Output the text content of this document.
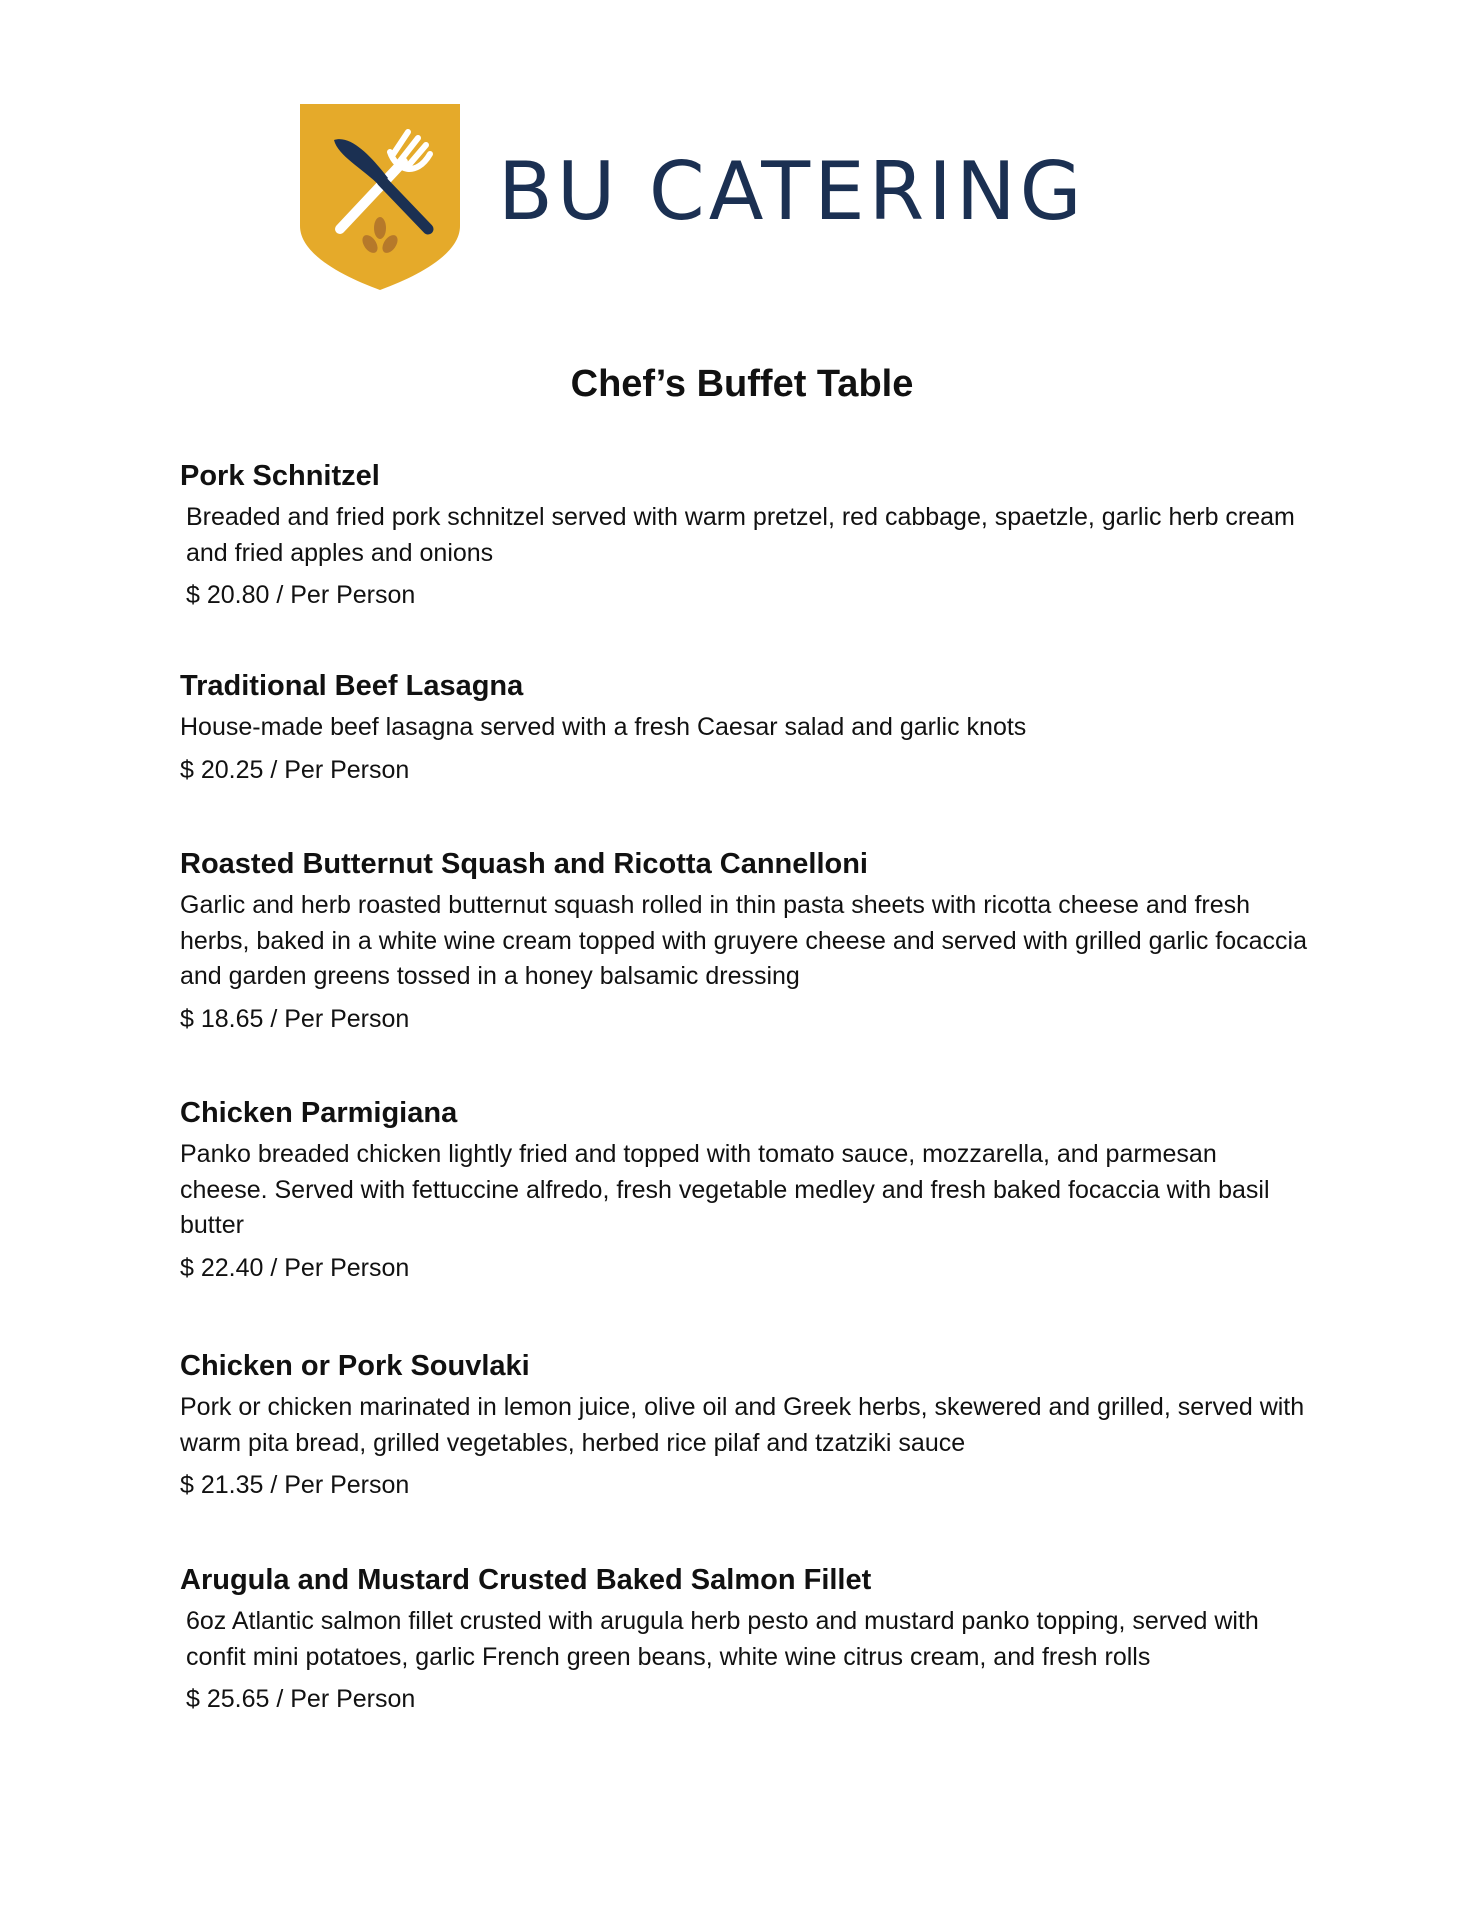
BU CATERING
Chef’s Buffet Table
Pork Schnitzel

Breaded and fried pork schnitzel served with warm pretzel, red cabbage, spaetzle, garlic herb cream and fried apples and onions

$ 20.80 / Per Person

Traditional Beef Lasagna

House-made beef lasagna served with a fresh Caesar salad and garlic knots

$ 20.25 / Per Person

Roasted Butternut Squash and Ricotta Cannelloni

Garlic and herb roasted butternut squash rolled in thin pasta sheets with ricotta cheese and fresh herbs, baked in a white wine cream topped with gruyere cheese and served with grilled garlic focaccia and garden greens tossed in a honey balsamic dressing

$ 18.65 / Per Person

Chicken Parmigiana

Panko breaded chicken lightly fried and topped with tomato sauce, mozzarella, and parmesan cheese. Served with fettuccine alfredo, fresh vegetable medley and fresh baked focaccia with basil butter

$ 22.40 / Per Person

Chicken or Pork Souvlaki

Pork or chicken marinated in lemon juice, olive oil and Greek herbs, skewered and grilled, served with warm pita bread, grilled vegetables, herbed rice pilaf and tzatziki sauce

$ 21.35 / Per Person

Arugula and Mustard Crusted Baked Salmon Fillet

6oz Atlantic salmon fillet crusted with arugula herb pesto and mustard panko topping, served with confit mini potatoes, garlic French green beans, white wine citrus cream, and fresh rolls

$ 25.65 / Per Person
